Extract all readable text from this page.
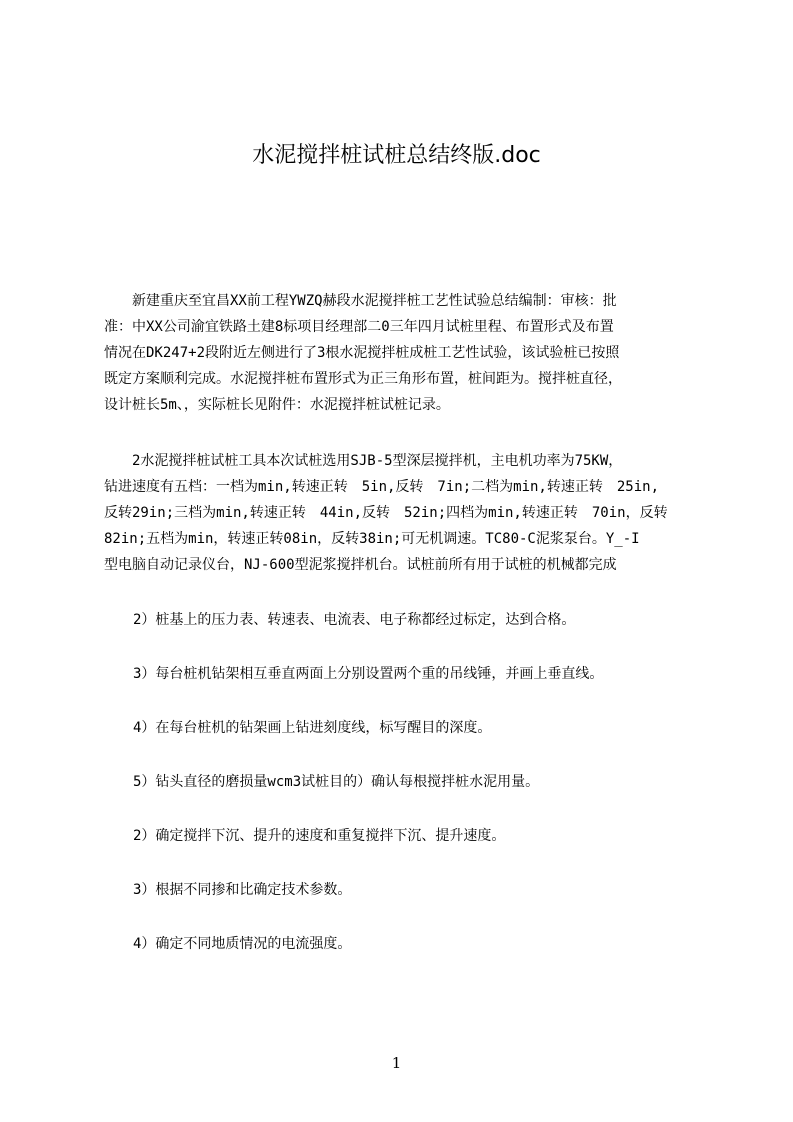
水泥搅拌桩试桩总结终版.doc
　　新建重庆至宜昌XX前工程YWZQ赫段水泥搅拌桩工艺性试验总结编制：审核：批
准：中XX公司渝宜铁路土建8标项目经理部二0三年四月试桩里程、布置形式及布置
情况在DK247+2段附近左侧进行了3根水泥搅拌桩成桩工艺性试验，该试验桩已按照
既定方案顺利完成。水泥搅拌桩布置形式为正三角形布置，桩间距为。搅拌桩直径，
设计桩长5m、，实际桩长见附件：水泥搅拌桩试桩记录。
　　2水泥搅拌桩试桩工具本次试桩选用SJB-5型深层搅拌机，主电机功率为75KW，
钻进速度有五档：一档为min,转速正转　5in,反转　7in;二档为min,转速正转　25in,
反转29in;三档为min,转速正转　44in,反转　52in;四档为min,转速正转　70in，反转
82in;五档为min，转速正转08in，反转38in;可无机调速。TC80-C泥浆泵台。Y_-I
型电脑自动记录仪台，NJ-600型泥浆搅拌机台。试桩前所有用于试桩的机械都完成
2）桩基上的压力表、转速表、电流表、电子称都经过标定，达到合格。
3）每台桩机钻架相互垂直两面上分别设置两个重的吊线锤，并画上垂直线。
4）在每台桩机的钻架画上钻进刻度线，标写醒目的深度。
5）钻头直径的磨损量wcm3试桩目的）确认每根搅拌桩水泥用量。
2）确定搅拌下沉、提升的速度和重复搅拌下沉、提升速度。
3）根据不同掺和比确定技术参数。
4）确定不同地质情况的电流强度。
1
